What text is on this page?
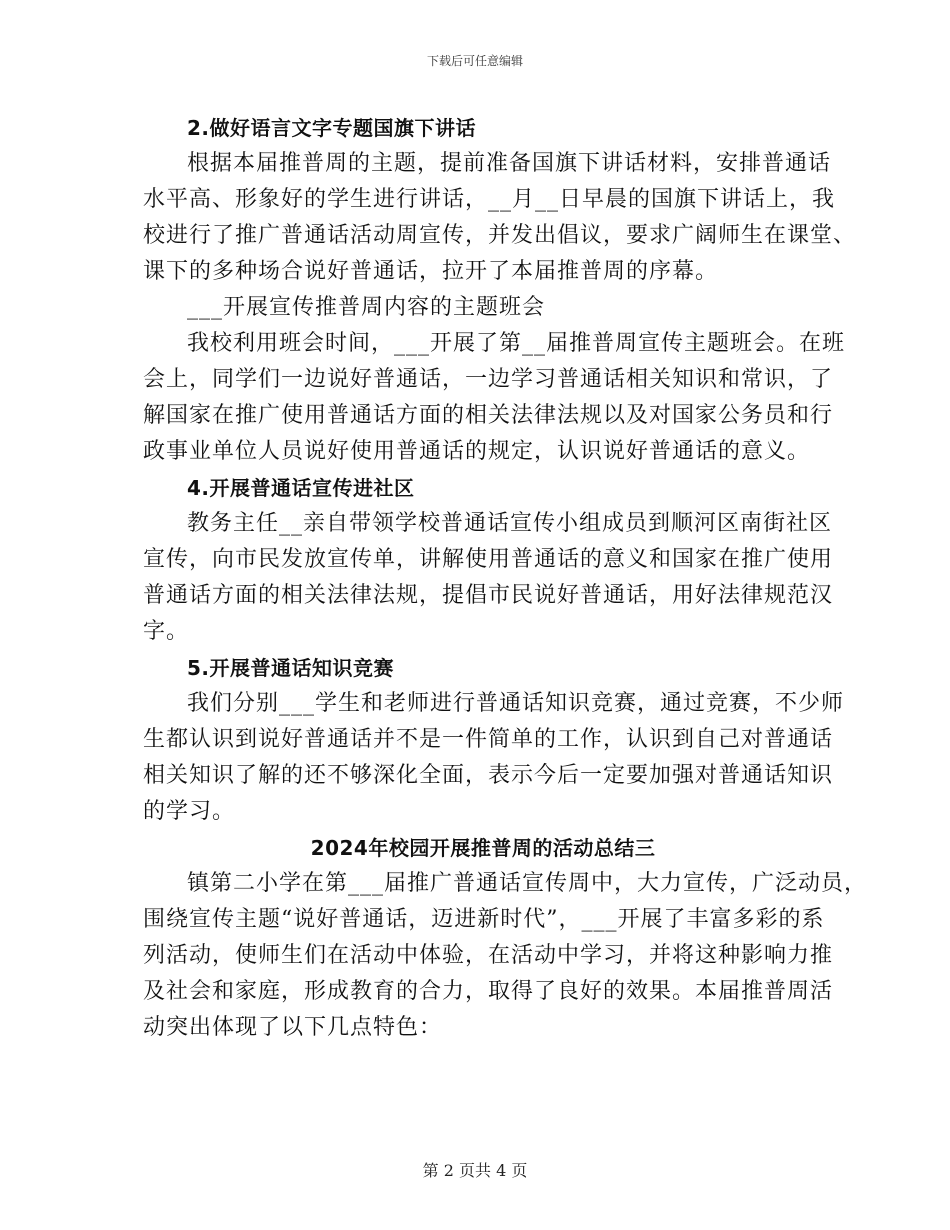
下载后可任意编辑
2.做好语言文字专题国旗下讲话
根据本届推普周的主题，提前准备国旗下讲话材料，安排普通话
水平高、形象好的学生进行讲话，__月__日早晨的国旗下讲话上，我
校进行了推广普通话活动周宣传，并发出倡议，要求广阔师生在课堂、
课下的多种场合说好普通话，拉开了本届推普周的序幕。
___开展宣传推普周内容的主题班会
我校利用班会时间，___开展了第__届推普周宣传主题班会。在班
会上，同学们一边说好普通话，一边学习普通话相关知识和常识，了
解国家在推广使用普通话方面的相关法律法规以及对国家公务员和行
政事业单位人员说好使用普通话的规定，认识说好普通话的意义。
4.开展普通话宣传进社区
教务主任__亲自带领学校普通话宣传小组成员到顺河区南街社区
宣传，向市民发放宣传单，讲解使用普通话的意义和国家在推广使用
普通话方面的相关法律法规，提倡市民说好普通话，用好法律规范汉
字。
5.开展普通话知识竞赛
我们分别___学生和老师进行普通话知识竞赛，通过竞赛，不少师
生都认识到说好普通话并不是一件简单的工作，认识到自己对普通话
相关知识了解的还不够深化全面，表示今后一定要加强对普通话知识
的学习。
2024年校园开展推普周的活动总结三
镇第二小学在第___届推广普通话宣传周中，大力宣传，广泛动员，
围绕宣传主题“说好普通话，迈进新时代”，___开展了丰富多彩的系
列活动，使师生们在活动中体验，在活动中学习，并将这种影响力推
及社会和家庭，形成教育的合力，取得了良好的效果。本届推普周活
动突出体现了以下几点特色：
第 2 页共 4 页
